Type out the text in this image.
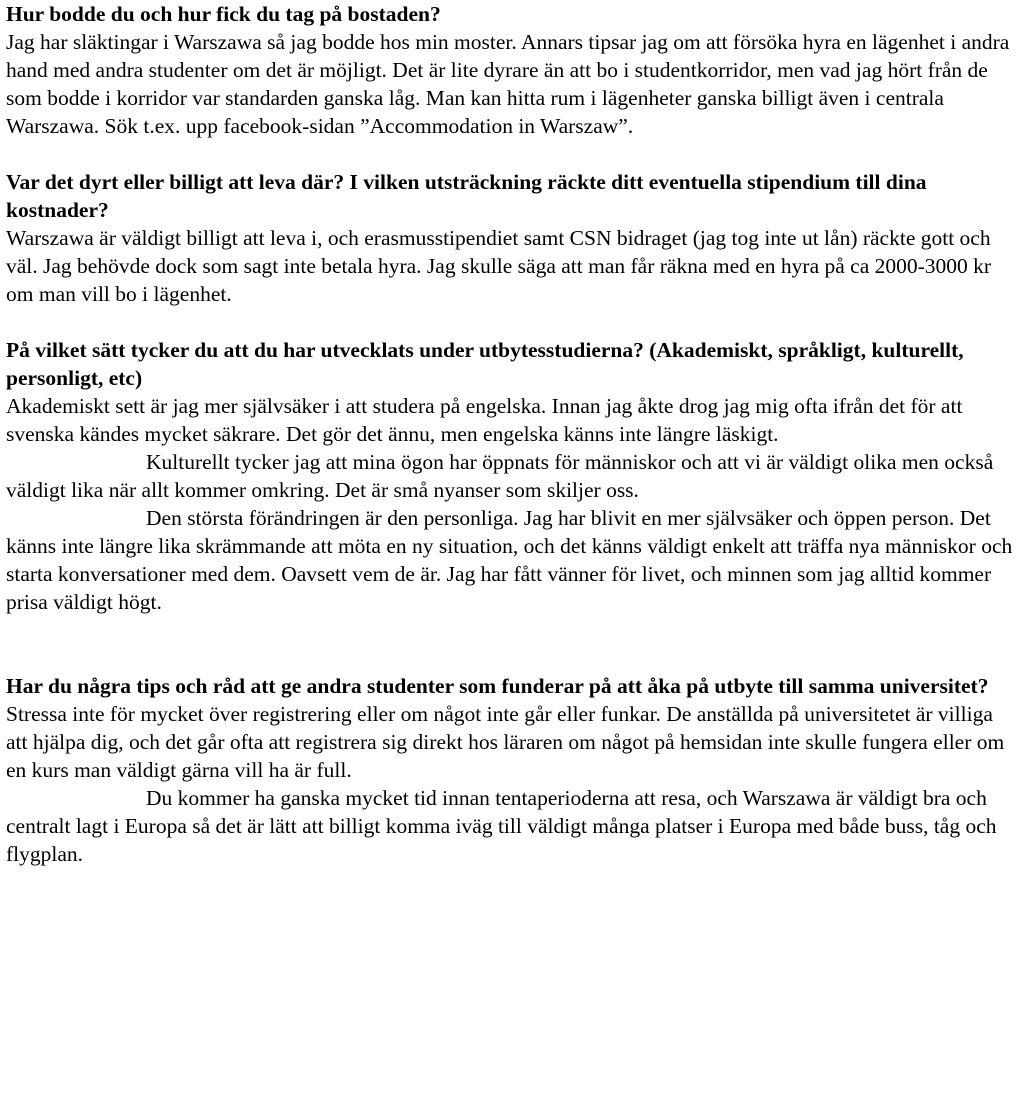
Hur bodde du och hur fick du tag på bostaden?

Jag har släktingar i Warszawa så jag bodde hos min moster. Annars tipsar jag om att försöka hyra en lägenhet i andra hand med andra studenter om det är möjligt. Det är lite dyrare än att bo i studentkorridor, men vad jag hört från de som bodde i korridor var standarden ganska låg. Man kan hitta rum i lägenheter ganska billigt även i centrala Warszawa. Sök t.ex. upp facebook-sidan ”Accommodation in Warszaw”.

Var det dyrt eller billigt att leva där? I vilken utsträckning räckte ditt eventuella stipendium till dina kostnader?

Warszawa är väldigt billigt att leva i, och erasmusstipendiet samt CSN bidraget (jag tog inte ut lån) räckte gott och väl. Jag behövde dock som sagt inte betala hyra. Jag skulle säga att man får räkna med en hyra på ca 2000-3000 kr om man vill bo i lägenhet.

På vilket sätt tycker du att du har utvecklats under utbytesstudierna? (Akademiskt, språkligt, kulturellt, personligt, etc)

Akademiskt sett är jag mer självsäker i att studera på engelska. Innan jag åkte drog jag mig ofta ifrån det för att svenska kändes mycket säkrare. Det gör det ännu, men engelska känns inte längre läskigt.

Kulturellt tycker jag att mina ögon har öppnats för människor och att vi är väldigt olika men också väldigt lika när allt kommer omkring. Det är små nyanser som skiljer oss.

Den största förändringen är den personliga. Jag har blivit en mer självsäker och öppen person. Det känns inte längre lika skrämmande att möta en ny situation, och det känns väldigt enkelt att träffa nya människor och starta konversationer med dem. Oavsett vem de är. Jag har fått vänner för livet, och minnen som jag alltid kommer prisa väldigt högt.

Har du några tips och råd att ge andra studenter som funderar på att åka på utbyte till samma universitet?

Stressa inte för mycket över registrering eller om något inte går eller funkar. De anställda på universitetet är villiga att hjälpa dig, och det går ofta att registrera sig direkt hos läraren om något på hemsidan inte skulle fungera eller om en kurs man väldigt gärna vill ha är full.

Du kommer ha ganska mycket tid innan tentaperioderna att resa, och Warszawa är väldigt bra och centralt lagt i Europa så det är lätt att billigt komma iväg till väldigt många platser i Europa med både buss, tåg och flygplan.
